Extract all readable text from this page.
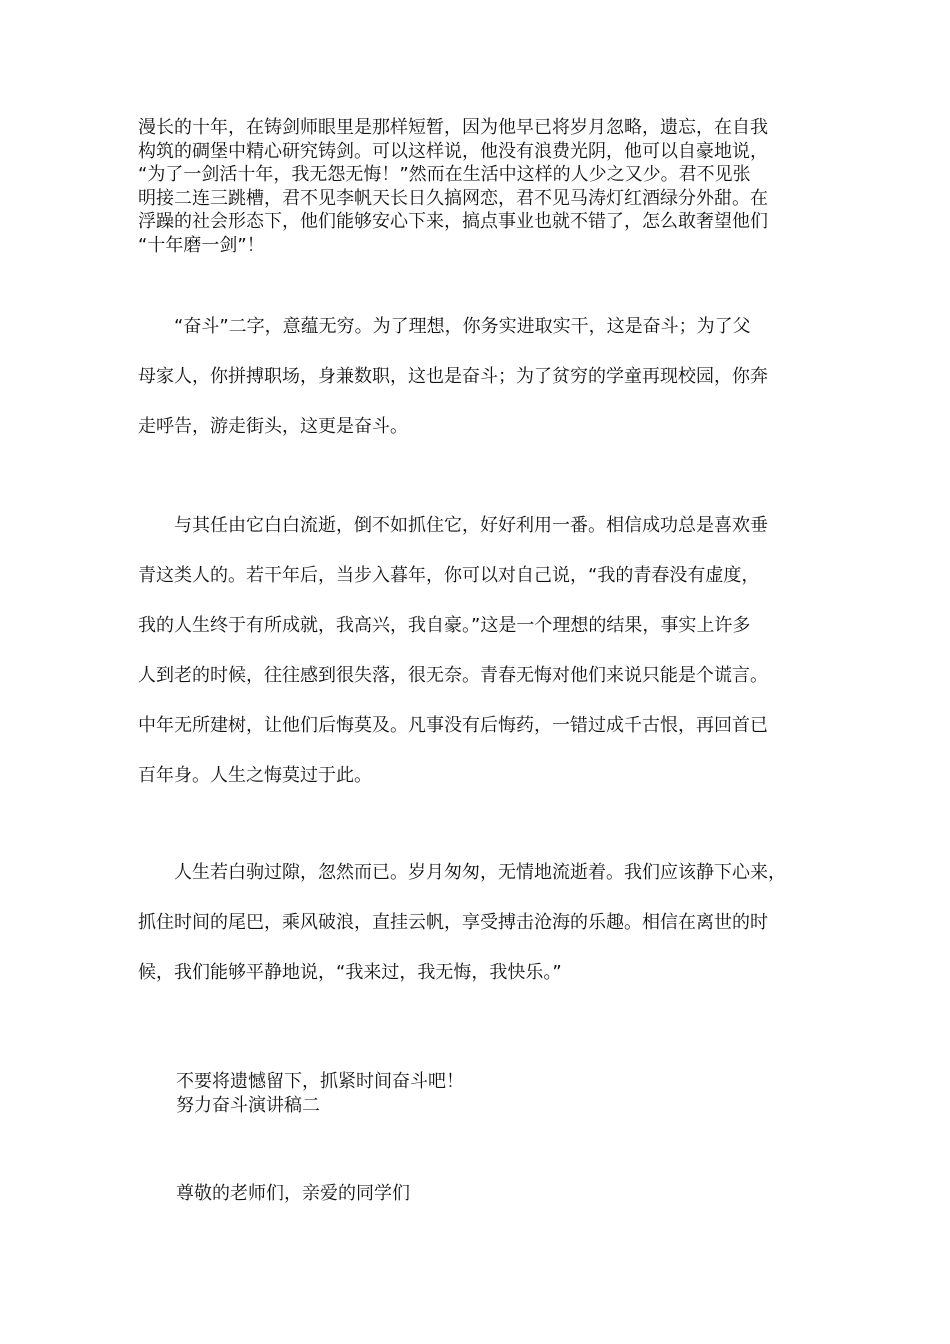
漫长的十年，在铸剑师眼里是那样短暂，因为他早已将岁月忽略，遗忘，在自我
构筑的碉堡中精心研究铸剑。可以这样说，他没有浪费光阴，他可以自豪地说，
“为了一剑活十年，我无怨无悔！”然而在生活中这样的人少之又少。君不见张
明接二连三跳槽，君不见李帆天长日久搞网恋，君不见马涛灯红酒绿分外甜。在
浮躁的社会形态下，他们能够安心下来，搞点事业也就不错了，怎么敢奢望他们
“十年磨一剑”！

“奋斗”二字，意蕴无穷。为了理想，你务实进取实干，这是奋斗；为了父
母家人，你拼搏职场，身兼数职，这也是奋斗；为了贫穷的学童再现校园，你奔
走呼告，游走街头，这更是奋斗。

与其任由它白白流逝，倒不如抓住它，好好利用一番。相信成功总是喜欢垂
青这类人的。若干年后，当步入暮年，你可以对自己说，“我的青春没有虚度，
我的人生终于有所成就，我高兴，我自豪。”这是一个理想的结果，事实上许多
人到老的时候，往往感到很失落，很无奈。青春无悔对他们来说只能是个谎言。
中年无所建树，让他们后悔莫及。凡事没有后悔药，一错过成千古恨，再回首已
百年身。人生之悔莫过于此。

人生若白驹过隙，忽然而已。岁月匆匆，无情地流逝着。我们应该静下心来，
抓住时间的尾巴，乘风破浪，直挂云帆，享受搏击沧海的乐趣。相信在离世的时
候，我们能够平静地说，“我来过，我无悔，我快乐。”

不要将遗憾留下，抓紧时间奋斗吧！

努力奋斗演讲稿二

尊敬的老师们，亲爱的同学们
